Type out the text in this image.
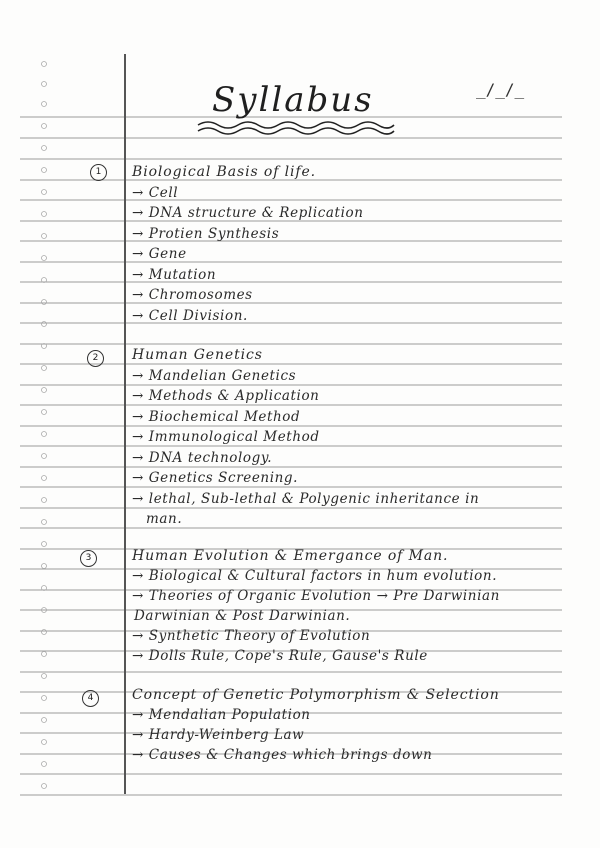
Syllabus	_/_/_
1	Biological Basis of life.
→ Cell
→ DNA structure & Replication
→ Protien Synthesis
→ Gene
→ Mutation
→ Chromosomes
→ Cell Division.
2	Human Genetics
→ Mandelian Genetics
→ Methods & Application
→ Biochemical Method
→ Immunological Method
→ DNA technology.
→ Genetics Screening.
→ lethal, Sub-lethal & Polygenic inheritance in
man.
3	Human Evolution & Emergance of Man.
→ Biological & Cultural factors in hum evolution.
→ Theories of Organic Evolution → Pre Darwinian
Darwinian & Post Darwinian.
→ Synthetic Theory of Evolution
→ Dolls Rule, Cope's Rule, Gause's Rule
4	Concept of Genetic Polymorphism & Selection
→ Mendalian Population
→ Hardy-Weinberg Law
→ Causes & Changes which brings down
